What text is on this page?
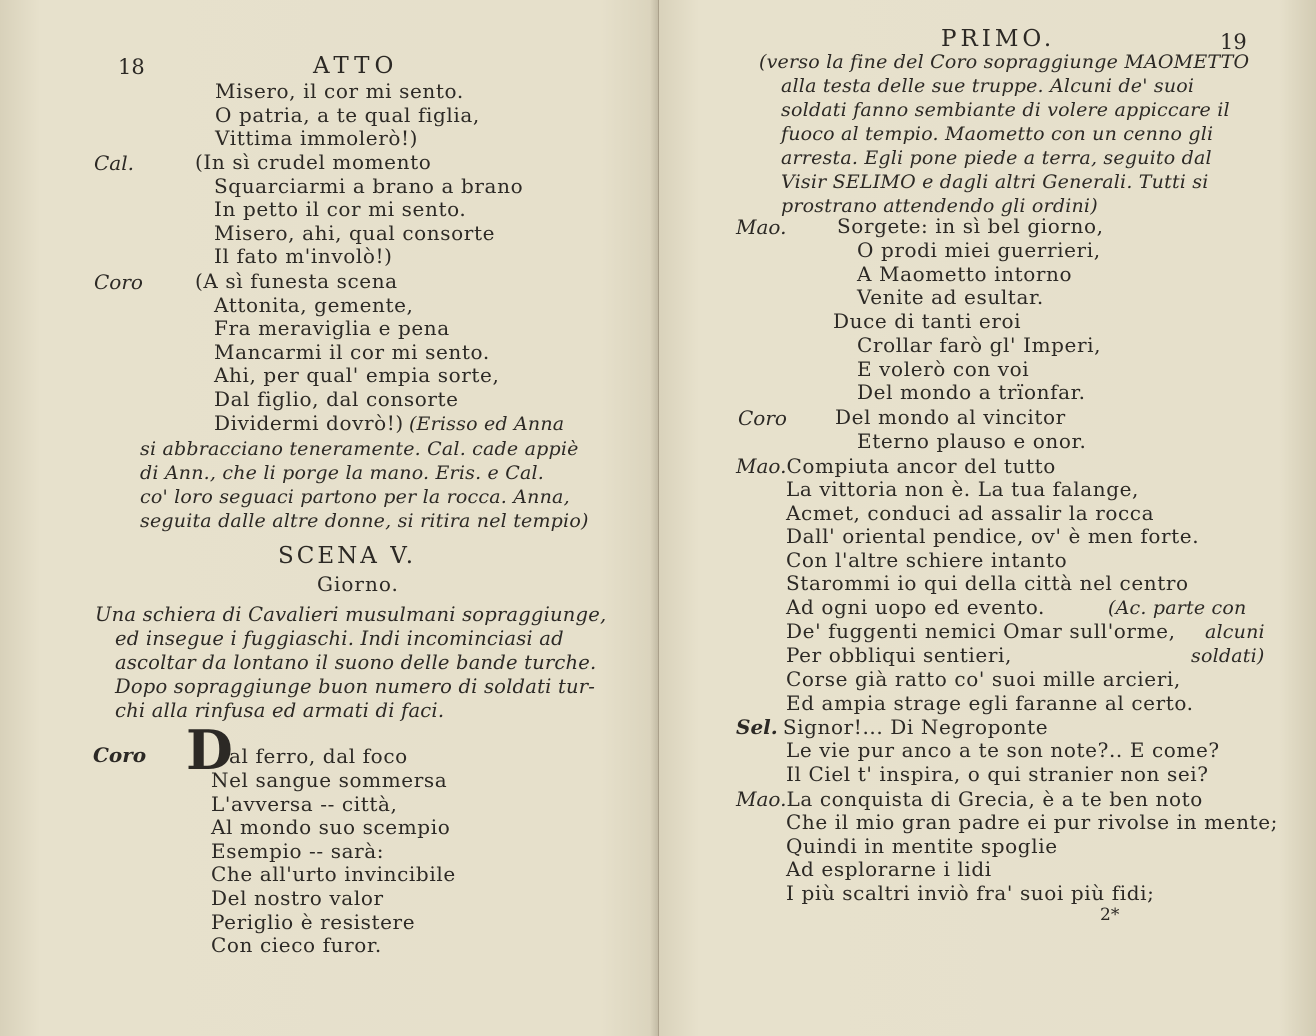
18	ATTO
Misero, il cor mi sento.
O patria, a te qual figlia,
Vittima immolerò!)
Cal.	(In sì crudel momento
Squarciarmi a brano a brano
In petto il cor mi sento.
Misero, ahi, qual consorte
Il fato m'involò!)
Coro	(A sì funesta scena
Attonita, gemente,
Fra meraviglia e pena
Mancarmi il cor mi sento.
Ahi, per qual' empia sorte,
Dal figlio, dal consorte
Dividermi dovrò!) (Erisso ed Anna
si abbracciano teneramente. Cal. cade appiè
di Ann., che li porge la mano. Eris. e Cal.
co' loro seguaci partono per la rocca. Anna,
seguita dalle altre donne, si ritira nel tempio)
SCENA V.
Giorno.
Una schiera di Cavalieri musulmani sopraggiunge,
ed insegue i fuggiaschi. Indi incominciasi ad
ascoltar da lontano il suono delle bande turche.
Dopo sopraggiunge buon numero di soldati tur-
chi alla rinfusa ed armati di faci.
Coro D
al ferro, dal foco
Nel sangue sommersa
L'avversa -- città,
Al mondo suo scempio
Esempio -- sarà:
Che all'urto invincibile
Del nostro valor
Periglio è resistere
Con cieco furor.
PRIMO.	19
(verso la fine del Coro sopraggiunge MAOMETTO
alla testa delle sue truppe. Alcuni de' suoi
soldati fanno sembiante di volere appiccare il
fuoco al tempio. Maometto con un cenno gli
arresta. Egli pone piede a terra, seguito dal
Visir SELIMO e dagli altri Generali. Tutti si
prostrano attendendo gli ordini)
Mao.	Sorgete: in sì bel giorno,
O prodi miei guerrieri,
A Maometto intorno
Venite ad esultar.
Duce di tanti eroi
Crollar farò gl' Imperi,
E volerò con voi
Del mondo a trïonfar.
Coro Del mondo al vincitor
Eterno plauso e onor.
Mao.Compiuta ancor del tutto
La vittoria non è. La tua falange,
Acmet, conduci ad assalir la rocca
Dall' oriental pendice, ov' è men forte.
Con l'altre schiere intanto
Starommi io qui della città nel centro
Ad ogni uopo ed evento.	(Ac. parte con
De' fuggenti nemici Omar sull'orme, alcuni
Per obbliqui sentieri,	soldati)
Corse già ratto co' suoi mille arcieri,
Ed ampia strage egli faranne al certo.
Sel. Signor!... Di Negroponte
Le vie pur anco a te son note?.. E come?
Il Ciel t' inspira, o qui stranier non sei?
Mao.La conquista di Grecia, è a te ben noto
Che il mio gran padre ei pur rivolse in mente;
Quindi in mentite spoglie
Ad esplorarne i lidi
I più scaltri inviò fra' suoi più fidi;
2*
